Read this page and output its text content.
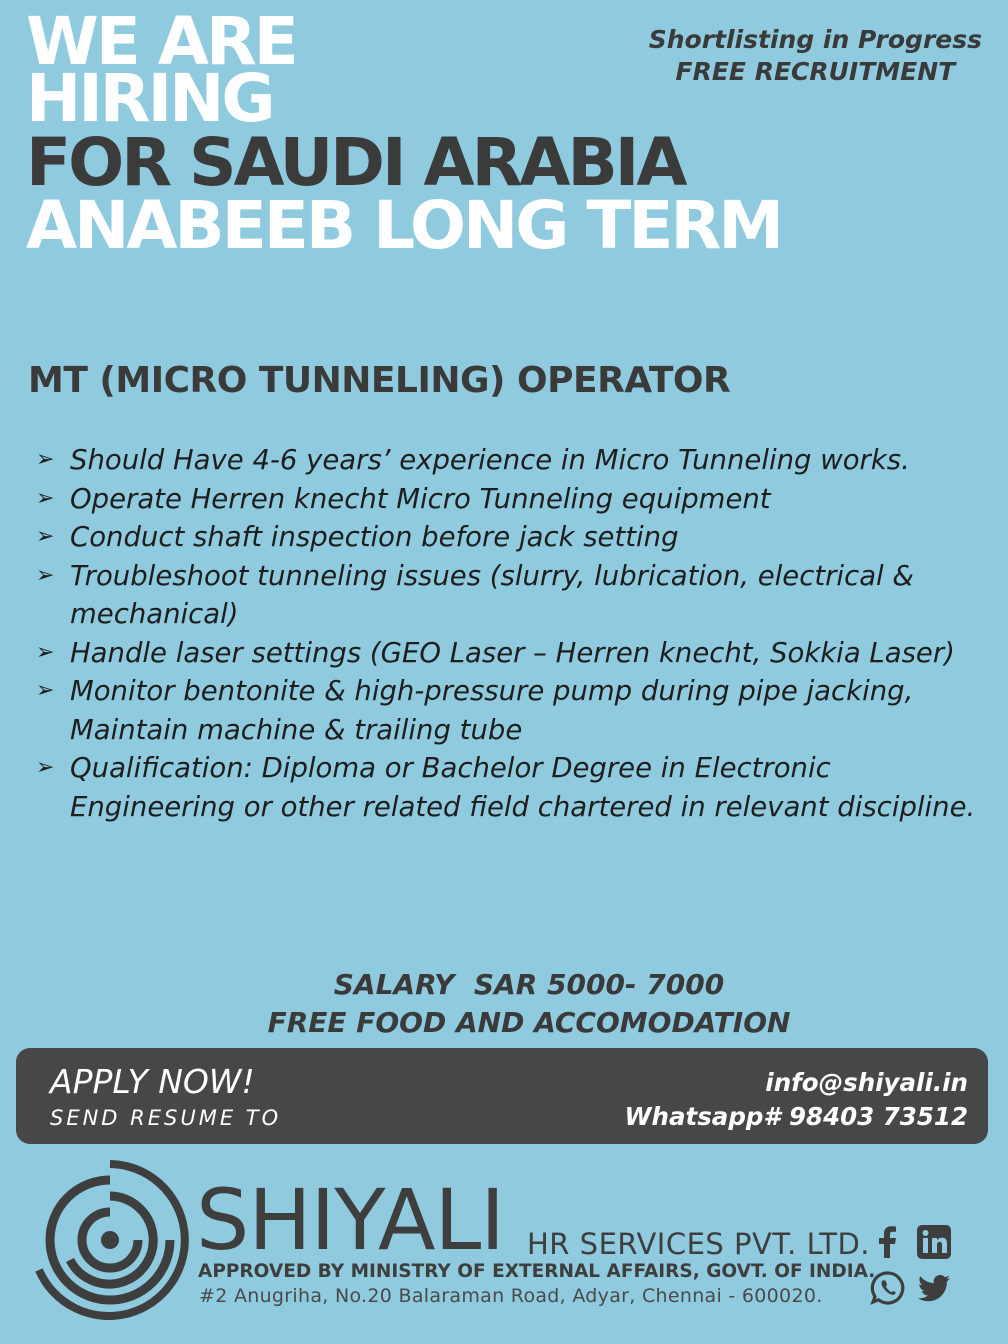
WE ARE
HIRING
FOR SAUDI ARABIA
ANABEEB LONG TERM
Shortlisting in Progress
FREE RECRUITMENT
MT (MICRO TUNNELING) OPERATOR
➢ Should Have 4-6 years’ experience in Micro Tunneling works.
➢ Operate Herren knecht Micro Tunneling equipment
➢ Conduct shaft inspection before jack setting
➢ Troubleshoot tunneling issues (slurry, lubrication, electrical & mechanical)
➢ Handle laser settings (GEO Laser – Herren knecht, Sokkia Laser)
➢ Monitor bentonite & high-pressure pump during pipe jacking, Maintain machine & trailing tube
➢ Qualification: Diploma or Bachelor Degree in Electronic Engineering or other related field chartered in relevant discipline.
SALARY  SAR 5000- 7000
FREE FOOD AND ACCOMODATION
APPLY NOW!
SEND RESUME TO
info@shiyali.in
Whatsapp# 98403 73512
SHIYALI HR SERVICES PVT. LTD.
APPROVED BY MINISTRY OF EXTERNAL AFFAIRS, GOVT. OF INDIA.
#2 Anugriha, No.20 Balaraman Road, Adyar, Chennai - 600020.
